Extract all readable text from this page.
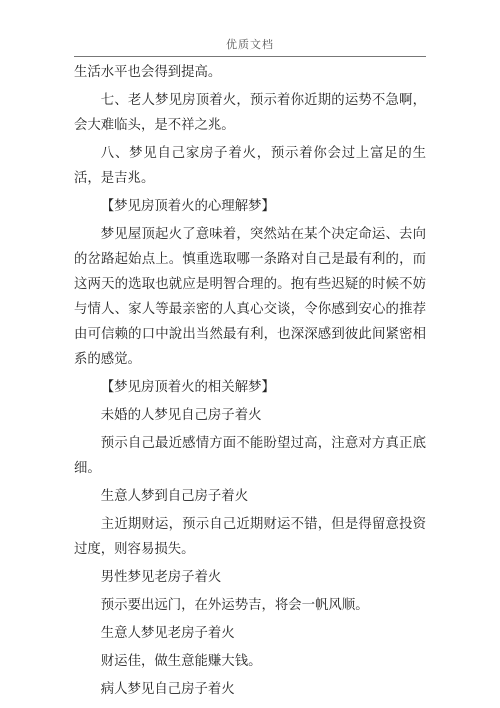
优质文档

生活水平也会得到提高。

七、老人梦见房顶着火，预示着你近期的运势不急啊，会大难临头，是不祥之兆。

八、梦见自己家房子着火，预示着你会过上富足的生活，是吉兆。

【梦见房顶着火的心理解梦】

梦见屋顶起火了意味着，突然站在某个决定命运、去向的岔路起始点上。慎重选取哪一条路对自己是最有利的，而这两天的选取也就应是明智合理的。抱有些迟疑的时候不妨与情人、家人等最亲密的人真心交谈，令你感到安心的推荐由可信赖的口中說出当然最有利，也深深感到彼此间紧密相系的感觉。

【梦见房顶着火的相关解梦】

未婚的人梦见自己房子着火

预示自己最近感情方面不能盼望过高，注意对方真正底细。

生意人梦到自己房子着火

主近期财运，预示自己近期财运不错，但是得留意投资过度，则容易损失。

男性梦见老房子着火

预示要出远门，在外运势吉，将会一帆风顺。

生意人梦见老房子着火

财运佳，做生意能赚大钱。

病人梦见自己房子着火
